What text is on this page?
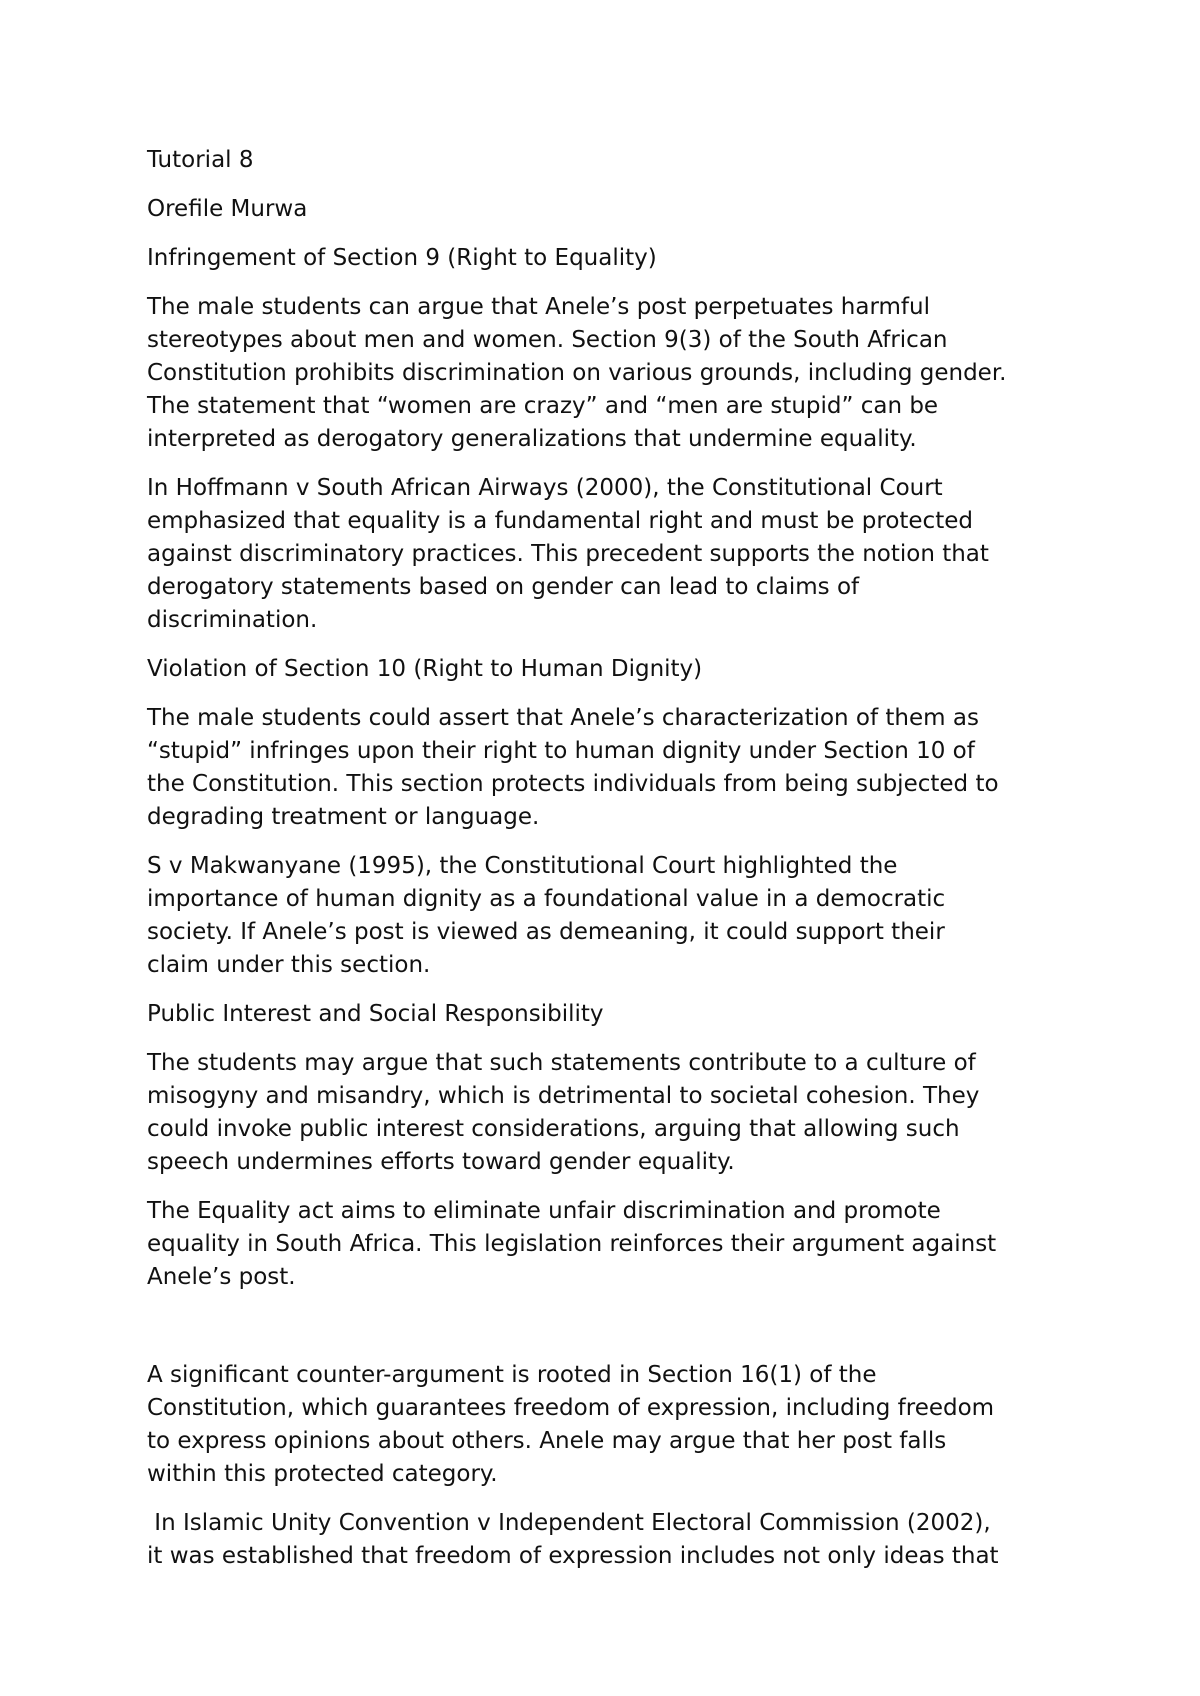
Tutorial 8
Orefile Murwa
Infringement of Section 9 (Right to Equality)
The male students can argue that Anele’s post perpetuates harmful
stereotypes about men and women. Section 9(3) of the South African
Constitution prohibits discrimination on various grounds, including gender.
The statement that “women are crazy” and “men are stupid” can be
interpreted as derogatory generalizations that undermine equality.
In Hoffmann v South African Airways (2000), the Constitutional Court
emphasized that equality is a fundamental right and must be protected
against discriminatory practices. This precedent supports the notion that
derogatory statements based on gender can lead to claims of
discrimination.
Violation of Section 10 (Right to Human Dignity)
The male students could assert that Anele’s characterization of them as
“stupid” infringes upon their right to human dignity under Section 10 of
the Constitution. This section protects individuals from being subjected to
degrading treatment or language.
S v Makwanyane (1995), the Constitutional Court highlighted the
importance of human dignity as a foundational value in a democratic
society. If Anele’s post is viewed as demeaning, it could support their
claim under this section.
Public Interest and Social Responsibility
The students may argue that such statements contribute to a culture of
misogyny and misandry, which is detrimental to societal cohesion. They
could invoke public interest considerations, arguing that allowing such
speech undermines efforts toward gender equality.
The Equality act aims to eliminate unfair discrimination and promote
equality in South Africa. This legislation reinforces their argument against
Anele’s post.
A significant counter-argument is rooted in Section 16(1) of the
Constitution, which guarantees freedom of expression, including freedom
to express opinions about others. Anele may argue that her post falls
within this protected category.
In Islamic Unity Convention v Independent Electoral Commission (2002),
it was established that freedom of expression includes not only ideas that
